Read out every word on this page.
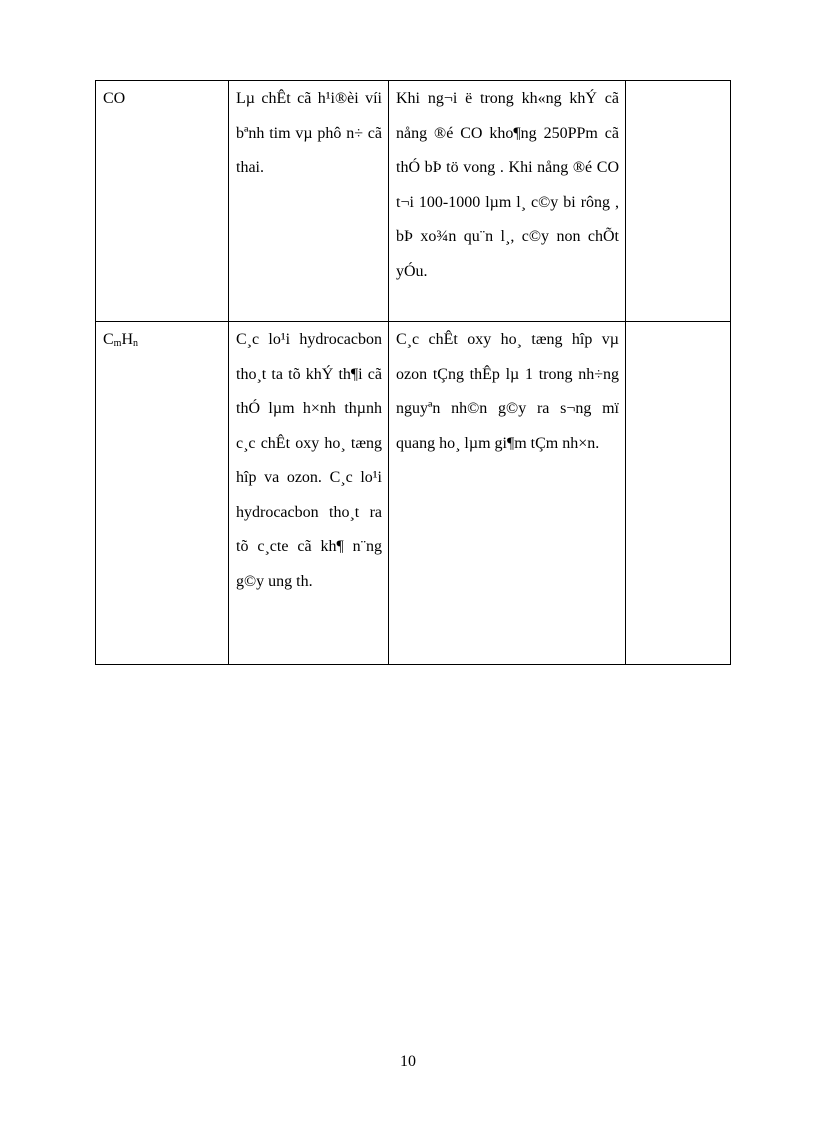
CO	Lµ chÊt cã h¹i®èi víi bªnh tim vµ phô n÷ cã thai.	Khi ng¬i ë trong kh«ng khÝ cã nång ®é CO kho¶ng 250PPm cã thÓ bÞ tö vong . Khi nång ®é CO t¬i 100-1000 lµm l¸ c©y bi rông , bÞ xo¾n qu¨n l¸, c©y non chÕt yÓu.	
$C_mH_n$	C¸c lo¹i hydrocacbon tho¸t ta tõ khÝ th¶i cã thÓ lµm h×nh thµnh c¸c chÊt oxy ho¸ tæng hîp va ozon. C¸c lo¹i hydrocacbon tho¸t ra tõ c¸cte cã kh¶ n¨ng g©y ung th.	C¸c chÊt oxy ho¸ tæng hîp vµ ozon tÇng thÊp lµ 1 trong nh÷ng nguyªn nh©n g©y ra s¬ng mï quang ho¸ lµm gi¶m tÇm nh×n.	
10
